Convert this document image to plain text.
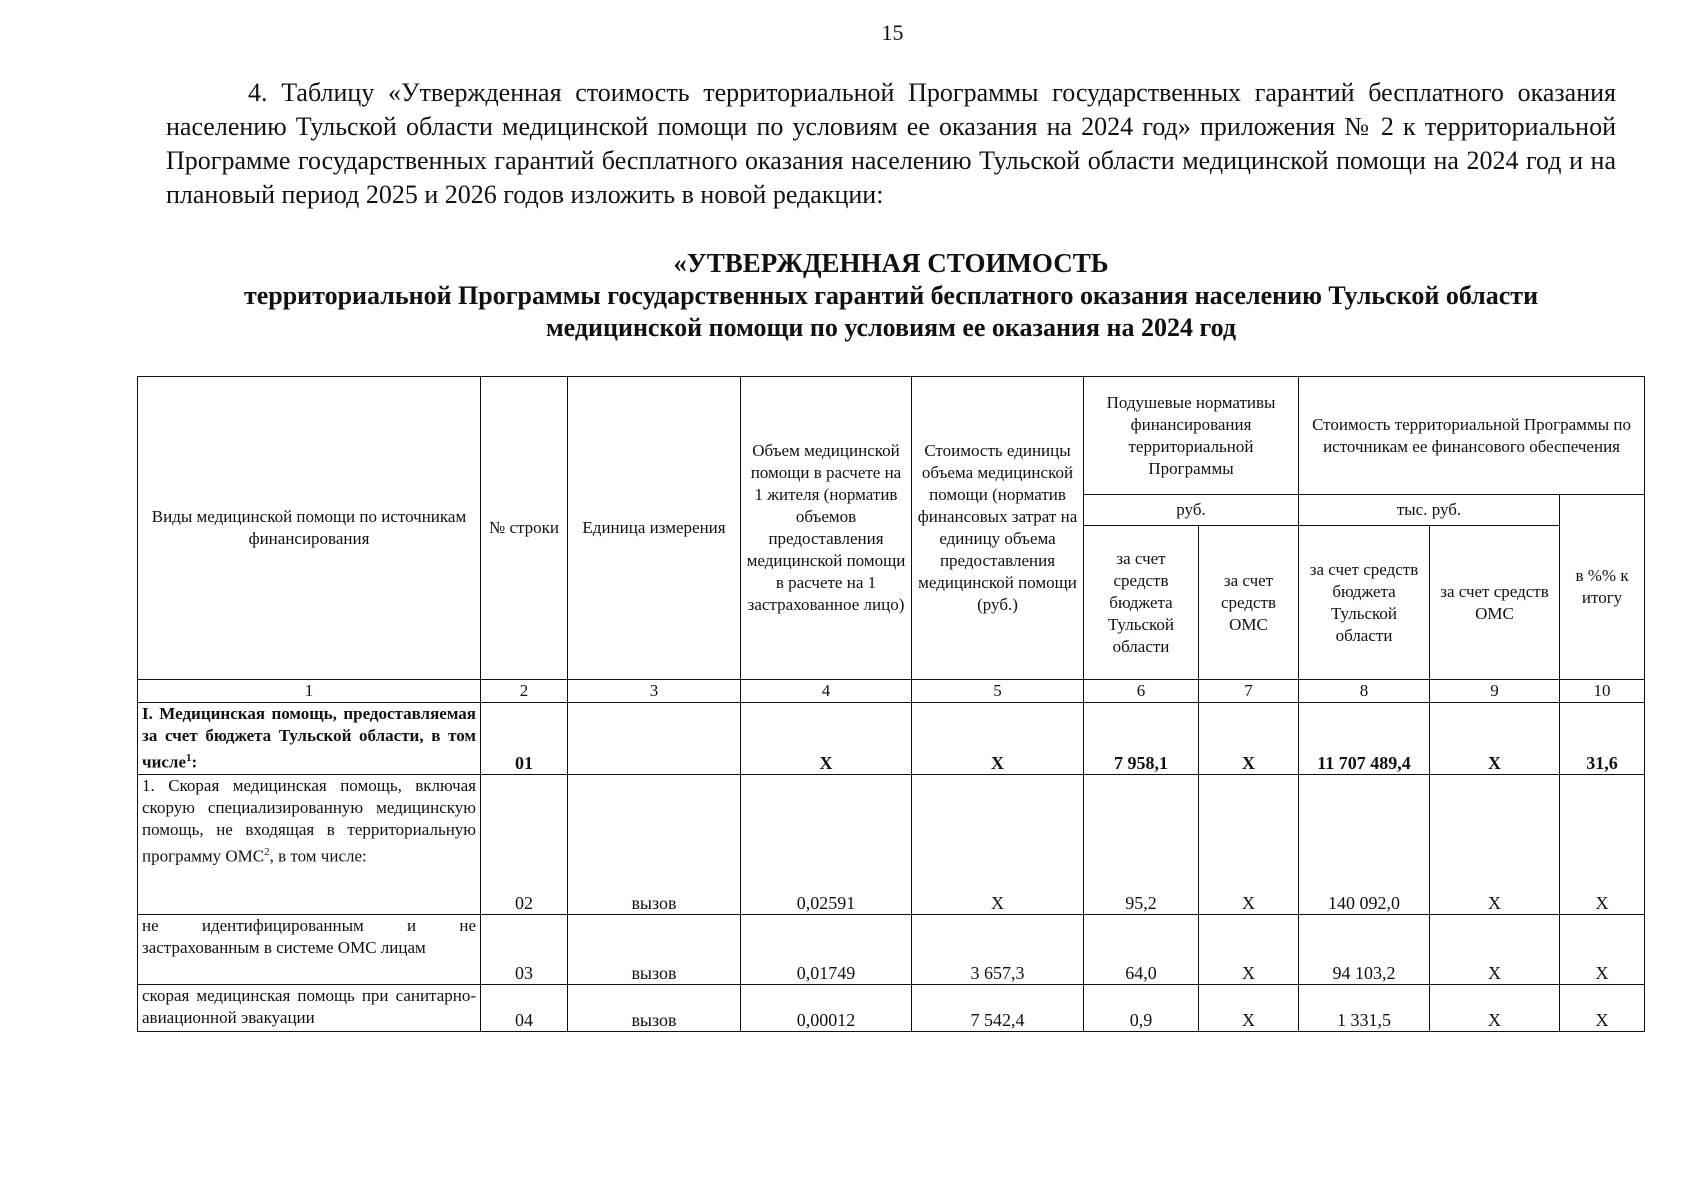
15
4. Таблицу «Утвержденная стоимость территориальной Программы государственных гарантий бесплатного оказания населению Тульской области медицинской помощи по условиям ее оказания на 2024 год» приложения № 2 к территориальной Программе государственных гарантий бесплатного оказания населению Тульской области медицинской помощи на 2024 год и на плановый период 2025 и 2026 годов изложить в новой редакции:
«УТВЕРЖДЕННАЯ СТОИМОСТЬ
территориальной Программы государственных гарантий бесплатного оказания населению Тульской области
медицинской помощи по условиям ее оказания на 2024 год
Виды медицинской помощи по источникам финансирования	№ строки	Единица измерения	Объем медицинской помощи в расчете на 1 жителя (норматив объемов предоставления медицинской помощи в расчете на 1 застрахованное лицо)	Стоимость единицы объема медицинской помощи (норматив финансовых затрат на единицу объема предоставления медицинской помощи (руб.)	Подушевые нормативы финансирования территориальной Программы		Стоимость территориальной Программы по источникам ее финансового обеспечения		
					руб.		тыс. руб.		в %% к итогу
					за счет средств бюджета Тульской области	за счет средств ОМС	за счет средств бюджета Тульской области	за счет средств ОМС	
1	2	3	4	5	6	7	8	9	10
I. Медицинская помощь, предоставляемая за счет бюджета Тульской области, в том числе$^1$:	01		Х	Х	7 958,1	Х	11 707 489,4	Х	31,6
1. Скорая медицинская помощь, включая скорую специализированную медицинскую помощь, не входящая в территориальную программу ОМС$^2$, в том числе:	02	вызов	0,02591	Х	95,2	Х	140 092,0	Х	Х
не идентифицированным и не застрахованным в системе ОМС лицам	03	вызов	0,01749	3 657,3	64,0	Х	94 103,2	Х	Х
скорая медицинская помощь при санитарно-авиационной эвакуации	04	вызов	0,00012	7 542,4	0,9	Х	1 331,5	Х	Х
